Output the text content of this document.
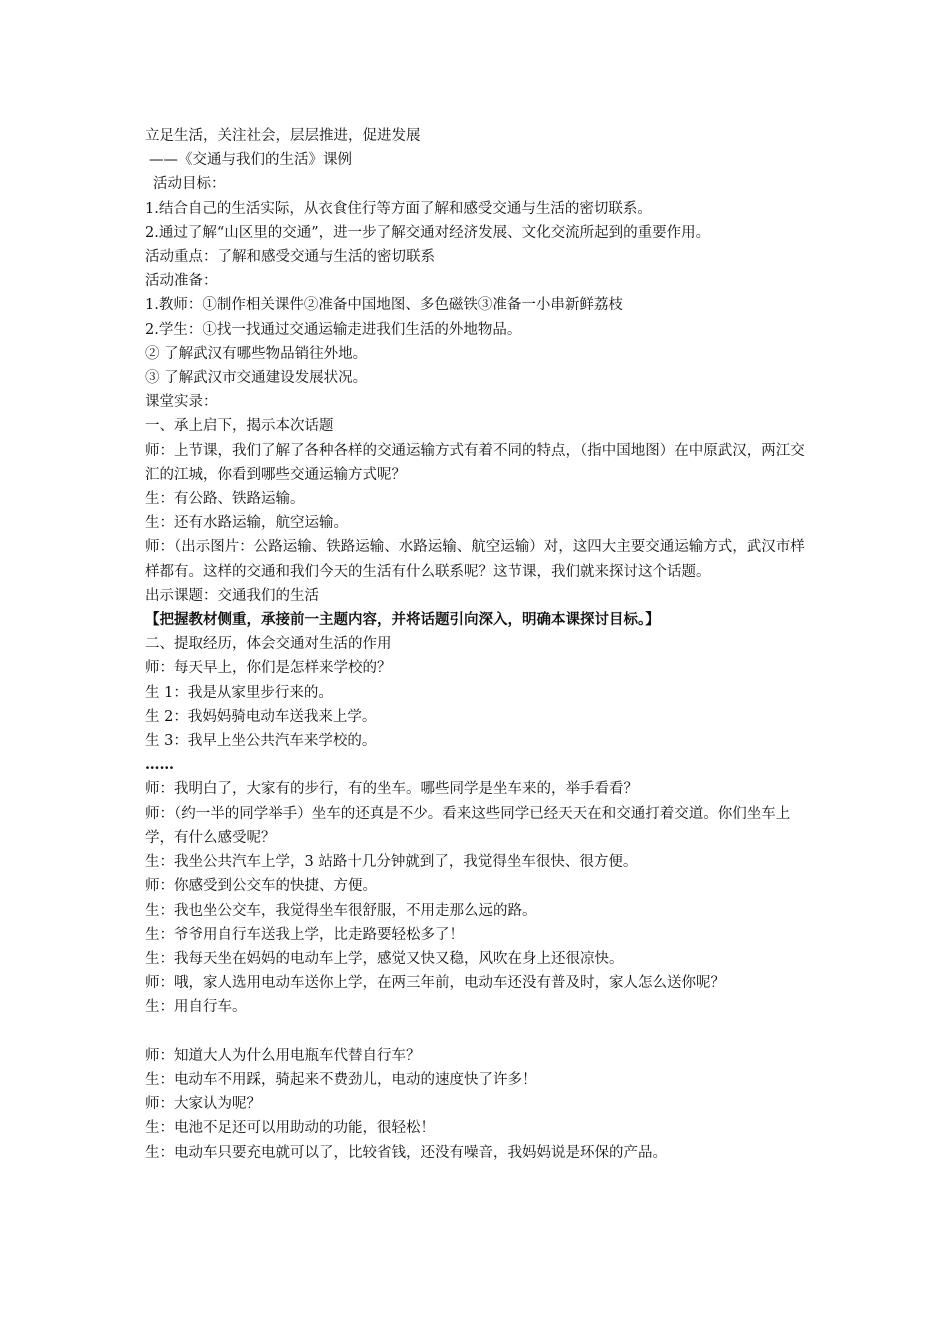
立足生活，关注社会，层层推进，促进发展

——《交通与我们的生活》课例

活动目标：

1.结合自己的生活实际，从衣食住行等方面了解和感受交通与生活的密切联系。

2.通过了解“山区里的交通”，进一步了解交通对经济发展、文化交流所起到的重要作用。

活动重点：了解和感受交通与生活的密切联系

活动准备：

1.教师：①制作相关课件②准备中国地图、多色磁铁③准备一小串新鲜荔枝

2.学生：①找一找通过交通运输走进我们生活的外地物品。

② 了解武汉有哪些物品销往外地。

③ 了解武汉市交通建设发展状况。

课堂实录：

一、承上启下，揭示本次话题

师：上节课，我们了解了各种各样的交通运输方式有着不同的特点，（指中国地图）在中原武汉，两江交汇的江城，你看到哪些交通运输方式呢？

生：有公路、铁路运输。

生：还有水路运输，航空运输。

师：（出示图片：公路运输、铁路运输、水路运输、航空运输）对，这四大主要交通运输方式，武汉市样样都有。这样的交通和我们今天的生活有什么联系呢？这节课，我们就来探讨这个话题。

出示课题：交通我们的生活

【把握教材侧重，承接前一主题内容，并将话题引向深入，明确本课探讨目标。】

二、提取经历，体会交通对生活的作用

师：每天早上，你们是怎样来学校的？

生 1：我是从家里步行来的。

生 2：我妈妈骑电动车送我来上学。

生 3：我早上坐公共汽车来学校的。

……

师：我明白了，大家有的步行，有的坐车。哪些同学是坐车来的，举手看看？

师：（约一半的同学举手）坐车的还真是不少。看来这些同学已经天天在和交通打着交道。你们坐车上学，有什么感受呢？

生：我坐公共汽车上学，3 站路十几分钟就到了，我觉得坐车很快、很方便。

师：你感受到公交车的快捷、方便。

生：我也坐公交车，我觉得坐车很舒服，不用走那么远的路。

生：爷爷用自行车送我上学，比走路要轻松多了！

生：我每天坐在妈妈的电动车上学，感觉又快又稳，风吹在身上还很凉快。

师：哦，家人选用电动车送你上学，在两三年前，电动车还没有普及时，家人怎么送你呢？

生：用自行车。

师：知道大人为什么用电瓶车代替自行车？

生：电动车不用踩，骑起来不费劲儿，电动的速度快了许多！

师：大家认为呢？

生：电池不足还可以用助动的功能，很轻松！

生：电动车只要充电就可以了，比较省钱，还没有噪音，我妈妈说是环保的产品。
